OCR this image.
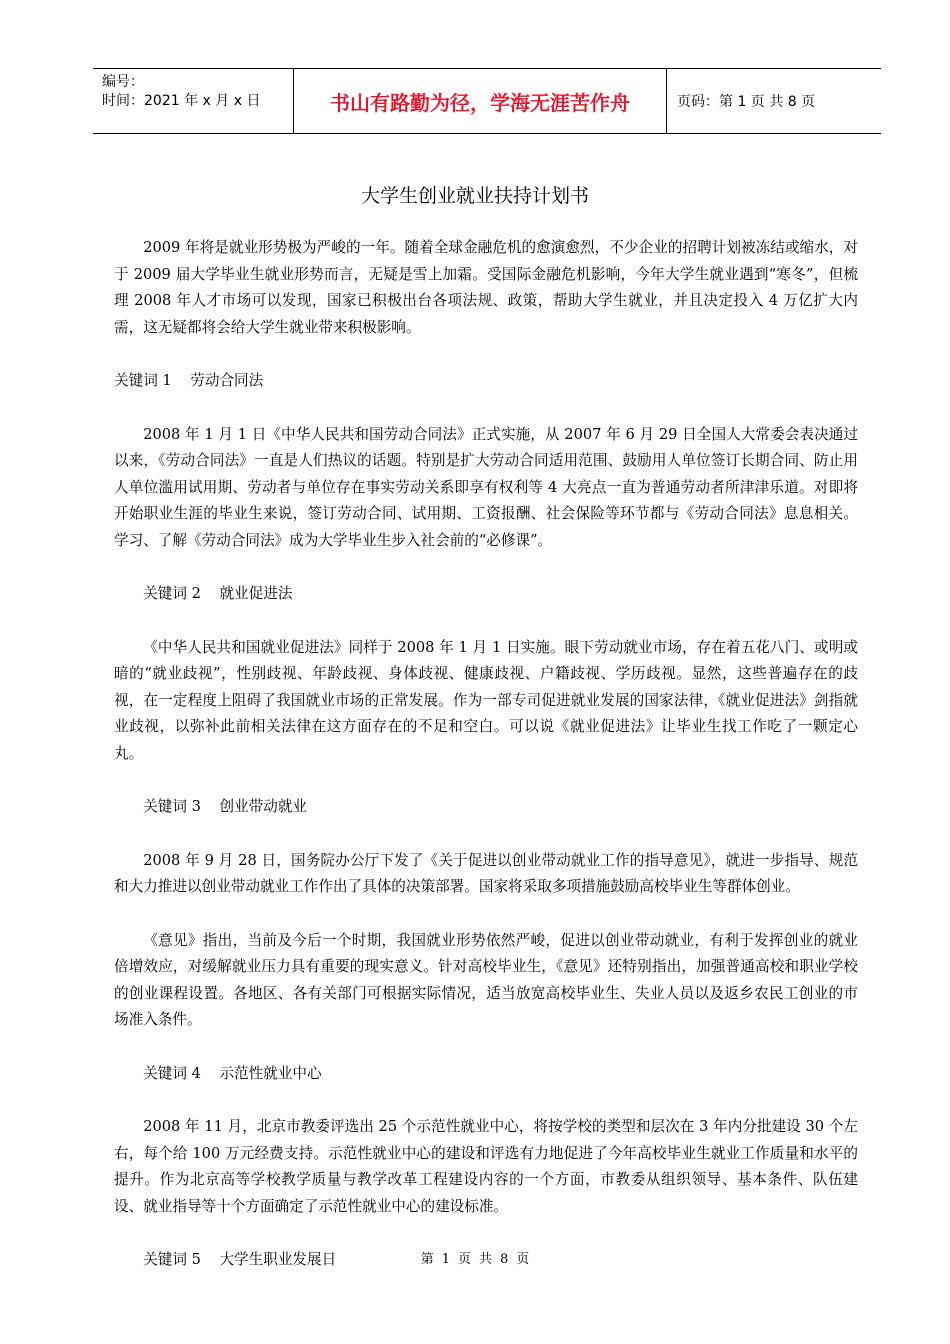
编号：
时间：2021 年 x 月 x 日	书山有路勤为径，学海无涯苦作舟	页码：第 1 页 共 8 页
大学生创业就业扶持计划书

2009 年将是就业形势极为严峻的一年。随着全球金融危机的愈演愈烈，不少企业的招聘计划被冻结或缩水，对于 2009 届大学毕业生就业形势而言，无疑是雪上加霜。受国际金融危机影响，今年大学生就业遇到“寒冬”，但梳理 2008 年人才市场可以发现，国家已积极出台各项法规、政策，帮助大学生就业，并且决定投入 4 万亿扩大内需，这无疑都将会给大学生就业带来积极影响。

关键词 1    劳动合同法

2008 年 1 月 1 日《中华人民共和国劳动合同法》正式实施，从 2007 年 6 月 29 日全国人大常委会表决通过以来，《劳动合同法》一直是人们热议的话题。特别是扩大劳动合同适用范围、鼓励用人单位签订长期合同、防止用人单位滥用试用期、劳动者与单位存在事实劳动关系即享有权利等 4 大亮点一直为普通劳动者所津津乐道。对即将开始职业生涯的毕业生来说，签订劳动合同、试用期、工资报酬、社会保险等环节都与《劳动合同法》息息相关。学习、了解《劳动合同法》成为大学毕业生步入社会前的“必修课”。

关键词 2    就业促进法

《中华人民共和国就业促进法》同样于 2008 年 1 月 1 日实施。眼下劳动就业市场，存在着五花八门、或明或暗的“就业歧视”，性别歧视、年龄歧视、身体歧视、健康歧视、户籍歧视、学历歧视。显然，这些普遍存在的歧视，在一定程度上阻碍了我国就业市场的正常发展。作为一部专司促进就业发展的国家法律，《就业促进法》剑指就业歧视，以弥补此前相关法律在这方面存在的不足和空白。可以说《就业促进法》让毕业生找工作吃了一颗定心丸。

关键词 3    创业带动就业

2008 年 9 月 28 日，国务院办公厅下发了《关于促进以创业带动就业工作的指导意见》，就进一步指导、规范和大力推进以创业带动就业工作作出了具体的决策部署。国家将采取多项措施鼓励高校毕业生等群体创业。

《意见》指出，当前及今后一个时期，我国就业形势依然严峻，促进以创业带动就业，有利于发挥创业的就业倍增效应，对缓解就业压力具有重要的现实意义。针对高校毕业生，《意见》还特别指出，加强普通高校和职业学校的创业课程设置。各地区、各有关部门可根据实际情况，适当放宽高校毕业生、失业人员以及返乡农民工创业的市场准入条件。

关键词 4    示范性就业中心

2008 年 11 月，北京市教委评选出 25 个示范性就业中心，将按学校的类型和层次在 3 年内分批建设 30 个左右，每个给 100 万元经费支持。示范性就业中心的建设和评选有力地促进了今年高校毕业生就业工作质量和水平的提升。作为北京高等学校教学质量与教学改革工程建设内容的一个方面，市教委从组织领导、基本条件、队伍建设、就业指导等十个方面确定了示范性就业中心的建设标准。

关键词 5    大学生职业发展日	第 1 页 共 8 页
